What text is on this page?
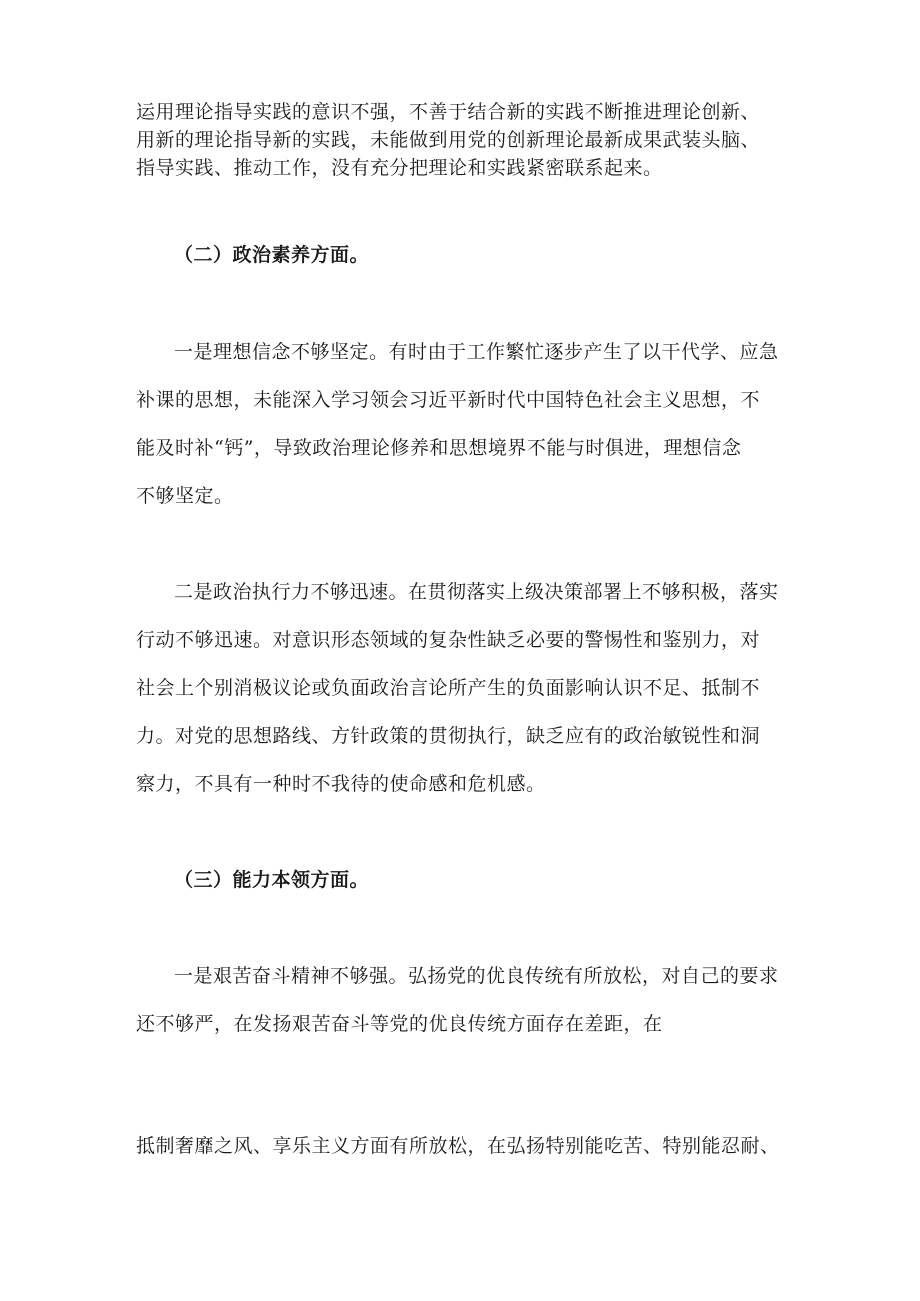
运用理论指导实践的意识不强，不善于结合新的实践不断推进理论创新、
用新的理论指导新的实践，未能做到用党的创新理论最新成果武装头脑、
指导实践、推动工作，没有充分把理论和实践紧密联系起来。
（二）政治素养方面。
一是理想信念不够坚定。有时由于工作繁忙逐步产生了以干代学、应急
补课的思想，未能深入学习领会习近平新时代中国特色社会主义思想，不
能及时补“钙”，导致政治理论修养和思想境界不能与时俱进，理想信念
不够坚定。
二是政治执行力不够迅速。在贯彻落实上级决策部署上不够积极，落实
行动不够迅速。对意识形态领域的复杂性缺乏必要的警惕性和鉴别力，对
社会上个别消极议论或负面政治言论所产生的负面影响认识不足、抵制不
力。对党的思想路线、方针政策的贯彻执行，缺乏应有的政治敏锐性和洞
察力，不具有一种时不我待的使命感和危机感。
（三）能力本领方面。
一是艰苦奋斗精神不够强。弘扬党的优良传统有所放松，对自己的要求
还不够严，在发扬艰苦奋斗等党的优良传统方面存在差距，在
抵制奢靡之风、享乐主义方面有所放松，在弘扬特别能吃苦、特别能忍耐、
